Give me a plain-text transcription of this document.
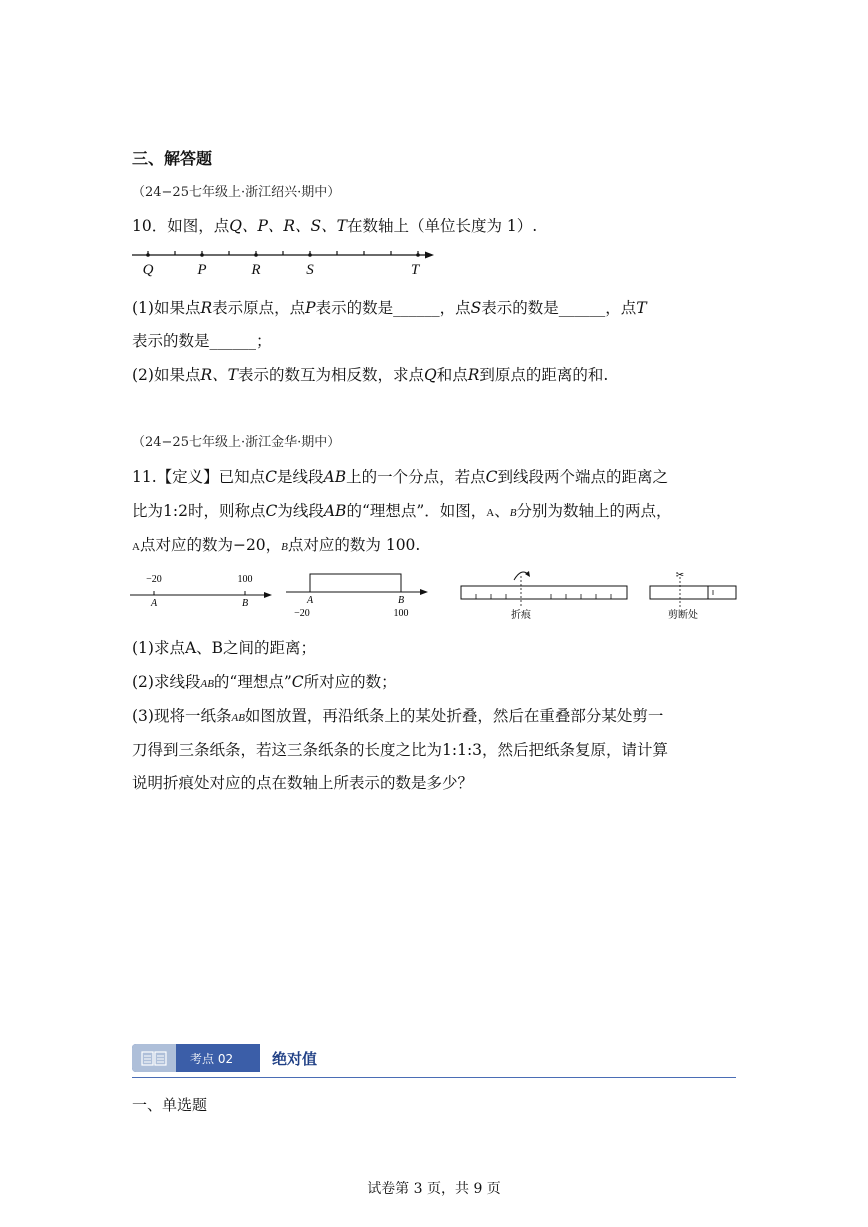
三、解答题
（24−25七年级上·浙江绍兴·期中）
10．如图，点Q、P、R、S、T在数轴上（单位长度为 1）.
Q	P	R	S	T
(1)如果点R表示原点，点P表示的数是______，点S表示的数是______，点T
表示的数是______；
(2)如果点R、T表示的数互为相反数，求点Q和点R到原点的距离的和.
（24−25七年级上·浙江金华·期中）
11.【定义】已知点C是线段AB上的一个分点，若点C到线段两个端点的距离之
比为1:2时，则称点C为线段AB的“理想点”．如图，A、B分别为数轴上的两点，
A点对应的数为−20，B点对应的数为 100.
−20	100
A	B	A	B
−20	100	折痕
✂
剪断处
(1)求点A、B之间的距离；
(2)求线段AB的“理想点”C所对应的数；
(3)现将一纸条AB如图放置，再沿纸条上的某处折叠，然后在重叠部分某处剪一
刀得到三条纸条，若这三条纸条的长度之比为1:1:3，然后把纸条复原，请计算
说明折痕处对应的点在数轴上所表示的数是多少？
考点 02	绝对值
一、单选题
试卷第 3 页，共 9 页
